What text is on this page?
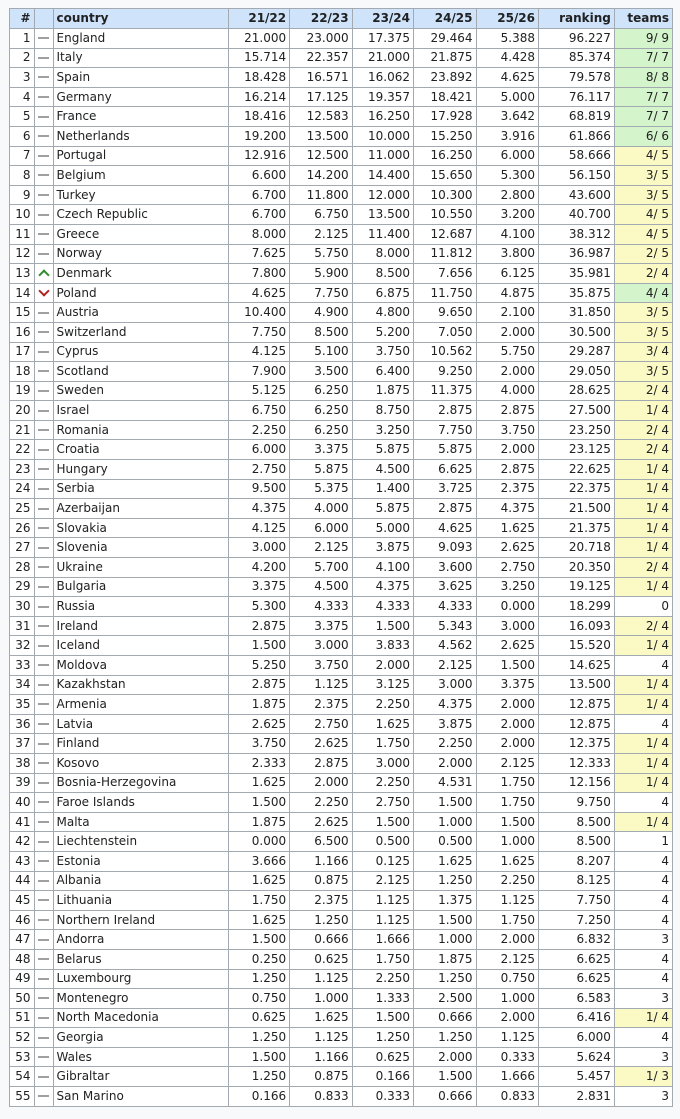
#		country	21/22	22/23	23/24	24/25	25/26	ranking	teams
1		England	21.000	23.000	17.375	29.464	5.388	96.227	9/ 9
2		Italy	15.714	22.357	21.000	21.875	4.428	85.374	7/ 7
3		Spain	18.428	16.571	16.062	23.892	4.625	79.578	8/ 8
4		Germany	16.214	17.125	19.357	18.421	5.000	76.117	7/ 7
5		France	18.416	12.583	16.250	17.928	3.642	68.819	7/ 7
6		Netherlands	19.200	13.500	10.000	15.250	3.916	61.866	6/ 6
7		Portugal	12.916	12.500	11.000	16.250	6.000	58.666	4/ 5
8		Belgium	6.600	14.200	14.400	15.650	5.300	56.150	3/ 5
9		Turkey	6.700	11.800	12.000	10.300	2.800	43.600	3/ 5
10		Czech Republic	6.700	6.750	13.500	10.550	3.200	40.700	4/ 5
11		Greece	8.000	2.125	11.400	12.687	4.100	38.312	4/ 5
12		Norway	7.625	5.750	8.000	11.812	3.800	36.987	2/ 5
13		Denmark	7.800	5.900	8.500	7.656	6.125	35.981	2/ 4
14		Poland	4.625	7.750	6.875	11.750	4.875	35.875	4/ 4
15		Austria	10.400	4.900	4.800	9.650	2.100	31.850	3/ 5
16		Switzerland	7.750	8.500	5.200	7.050	2.000	30.500	3/ 5
17		Cyprus	4.125	5.100	3.750	10.562	5.750	29.287	3/ 4
18		Scotland	7.900	3.500	6.400	9.250	2.000	29.050	3/ 5
19		Sweden	5.125	6.250	1.875	11.375	4.000	28.625	2/ 4
20		Israel	6.750	6.250	8.750	2.875	2.875	27.500	1/ 4
21		Romania	2.250	6.250	3.250	7.750	3.750	23.250	2/ 4
22		Croatia	6.000	3.375	5.875	5.875	2.000	23.125	2/ 4
23		Hungary	2.750	5.875	4.500	6.625	2.875	22.625	1/ 4
24		Serbia	9.500	5.375	1.400	3.725	2.375	22.375	1/ 4
25		Azerbaijan	4.375	4.000	5.875	2.875	4.375	21.500	1/ 4
26		Slovakia	4.125	6.000	5.000	4.625	1.625	21.375	1/ 4
27		Slovenia	3.000	2.125	3.875	9.093	2.625	20.718	1/ 4
28		Ukraine	4.200	5.700	4.100	3.600	2.750	20.350	2/ 4
29		Bulgaria	3.375	4.500	4.375	3.625	3.250	19.125	1/ 4
30		Russia	5.300	4.333	4.333	4.333	0.000	18.299	0
31		Ireland	2.875	3.375	1.500	5.343	3.000	16.093	2/ 4
32		Iceland	1.500	3.000	3.833	4.562	2.625	15.520	1/ 4
33		Moldova	5.250	3.750	2.000	2.125	1.500	14.625	4
34		Kazakhstan	2.875	1.125	3.125	3.000	3.375	13.500	1/ 4
35		Armenia	1.875	2.375	2.250	4.375	2.000	12.875	1/ 4
36		Latvia	2.625	2.750	1.625	3.875	2.000	12.875	4
37		Finland	3.750	2.625	1.750	2.250	2.000	12.375	1/ 4
38		Kosovo	2.333	2.875	3.000	2.000	2.125	12.333	1/ 4
39		Bosnia-Herzegovina	1.625	2.000	2.250	4.531	1.750	12.156	1/ 4
40		Faroe Islands	1.500	2.250	2.750	1.500	1.750	9.750	4
41		Malta	1.875	2.625	1.500	1.000	1.500	8.500	1/ 4
42		Liechtenstein	0.000	6.500	0.500	0.500	1.000	8.500	1
43		Estonia	3.666	1.166	0.125	1.625	1.625	8.207	4
44		Albania	1.625	0.875	2.125	1.250	2.250	8.125	4
45		Lithuania	1.750	2.375	1.125	1.375	1.125	7.750	4
46		Northern Ireland	1.625	1.250	1.125	1.500	1.750	7.250	4
47		Andorra	1.500	0.666	1.666	1.000	2.000	6.832	3
48		Belarus	0.250	0.625	1.750	1.875	2.125	6.625	4
49		Luxembourg	1.250	1.125	2.250	1.250	0.750	6.625	4
50		Montenegro	0.750	1.000	1.333	2.500	1.000	6.583	3
51		North Macedonia	0.625	1.625	1.500	0.666	2.000	6.416	1/ 4
52		Georgia	1.250	1.125	1.250	1.250	1.125	6.000	4
53		Wales	1.500	1.166	0.625	2.000	0.333	5.624	3
54		Gibraltar	1.250	0.875	0.166	1.500	1.666	5.457	1/ 3
55		San Marino	0.166	0.833	0.333	0.666	0.833	2.831	3
